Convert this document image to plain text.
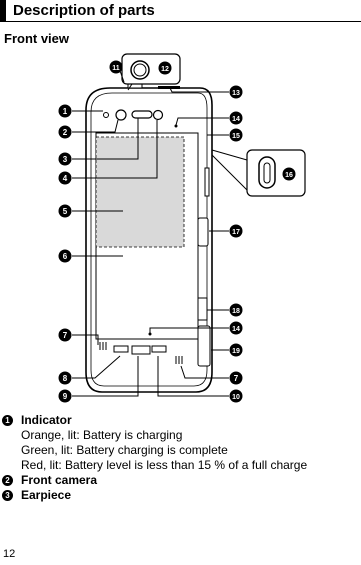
Description of parts
Front view
1
2
3
4
5
6
7
7
8
9	10
11	12
13
14
14
15
16
17
18
19
1 Indicator
Orange, lit: Battery is charging
Green, lit: Battery charging is complete
Red, lit: Battery level is less than 15 % of a full charge
2 Front camera
3 Earpiece
12
